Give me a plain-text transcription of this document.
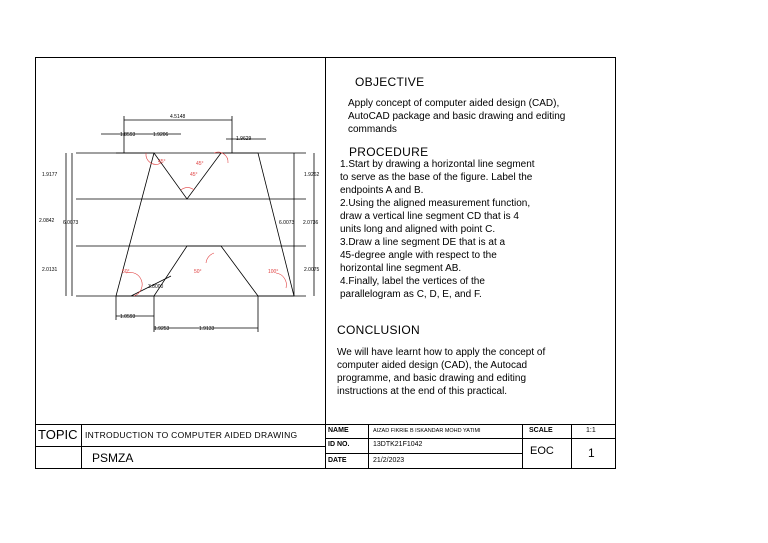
4.5148
1.8593	1.9206
1.9629
1.9177
2.0842 6.0073
2.0131
1.9262
6.0073 2.0736
2.0075
3.8000
1.0593
1.9253	1.9133
45°	45°
45°
50°	50°	100°
OBJECTIVE
Apply concept of computer aided design (CAD),
AutoCAD package and basic drawing and editing
commands
PROCEDURE
1.Start by drawing a horizontal line segment
to serve as the base of the figure. Label the
endpoints A and B.
2.Using the aligned measurement function,
draw a vertical line segment CD that is 4
units long and aligned with point C.
3.Draw a line segment DE that is at a
45-degree angle with respect to the
horizontal line segment AB.
4.Finally, label the vertices of the
parallelogram as C, D, E, and F.
CONCLUSION
We will have learnt how to apply the concept of
computer aided design (CAD), the Autocad
programme, and basic drawing and editing
instructions at the end of this practical.
TOPIC INTRODUCTION TO COMPUTER AIDED DRAWING
PSMZA
NAME	AIZAD FIKRIE B ISKANDAR MOHD YATIMI
ID NO.	13DTK21F1042
DATE	21/2/2023
SCALE	1:1
EOC	1
